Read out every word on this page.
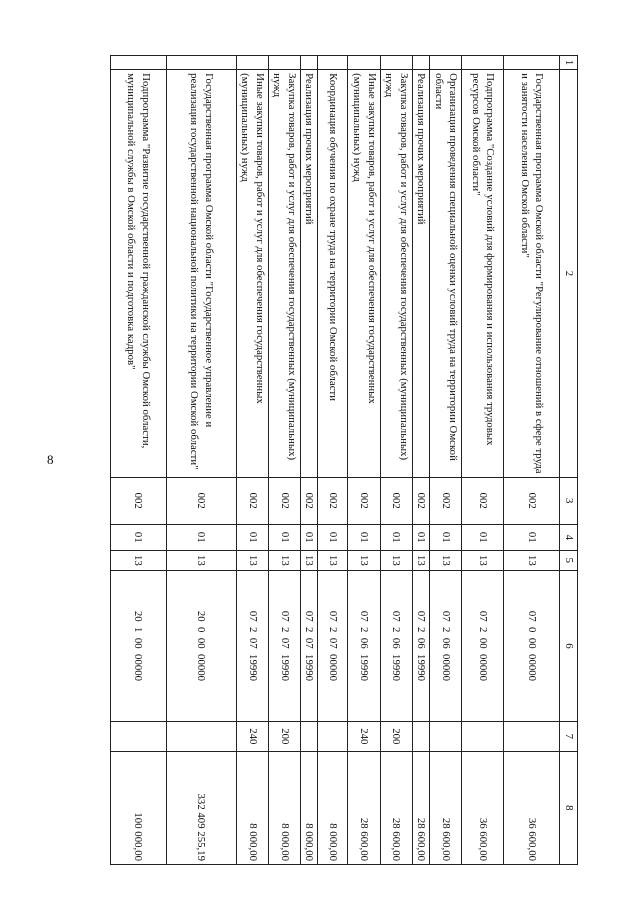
8
1	2	3	4	5	6	7	8
	Государственная программа Омской области "Регулирование отношений в сфере труда и занятости населения Омской области"	002	01	13	07  0  00  00000		36 600,00
	Подпрограмма "Создание условий для формирования и использования трудовых ресурсов Омской области"	002	01	13	07  2  00  00000		36 600,00
	Организация проведения специальной оценки условий труда на территории Омской области	002	01	13	07  2  06  00000		28 600,00
	Реализация прочих мероприятий	002	01	13	07  2  06  19990		28 600,00
	Закупка товаров, работ и услуг для обеспечения государственных (муниципальных) нужд	002	01	13	07  2  06  19990	200	28 600,00
	Иные закупки товаров, работ и услуг для обеспечения государственных (муниципальных) нужд	002	01	13	07  2  06  19990	240	28 600,00
	Координация обучения по охране труда на территории Омской области	002	01	13	07  2  07  00000		8 000,00
	Реализация прочих мероприятий	002	01	13	07  2  07  19990		8 000,00
	Закупка товаров, работ и услуг для обеспечения государственных (муниципальных) нужд	002	01	13	07  2  07  19990	200	8 000,00
	Иные закупки товаров, работ и услуг для обеспечения государственных (муниципальных) нужд	002	01	13	07  2  07  19990	240	8 000,00
	Государственная программа Омской области "Государственное управление и реализация государственной национальной политики на территории Омской области"	002	01	13	20  0  00  00000		332 409 255,19
	Подпрограмма "Развитие государственной гражданской службы Омской области, муниципальной службы в Омской области и подготовка кадров"	002	01	13	20  1  00  00000		100 000,00
